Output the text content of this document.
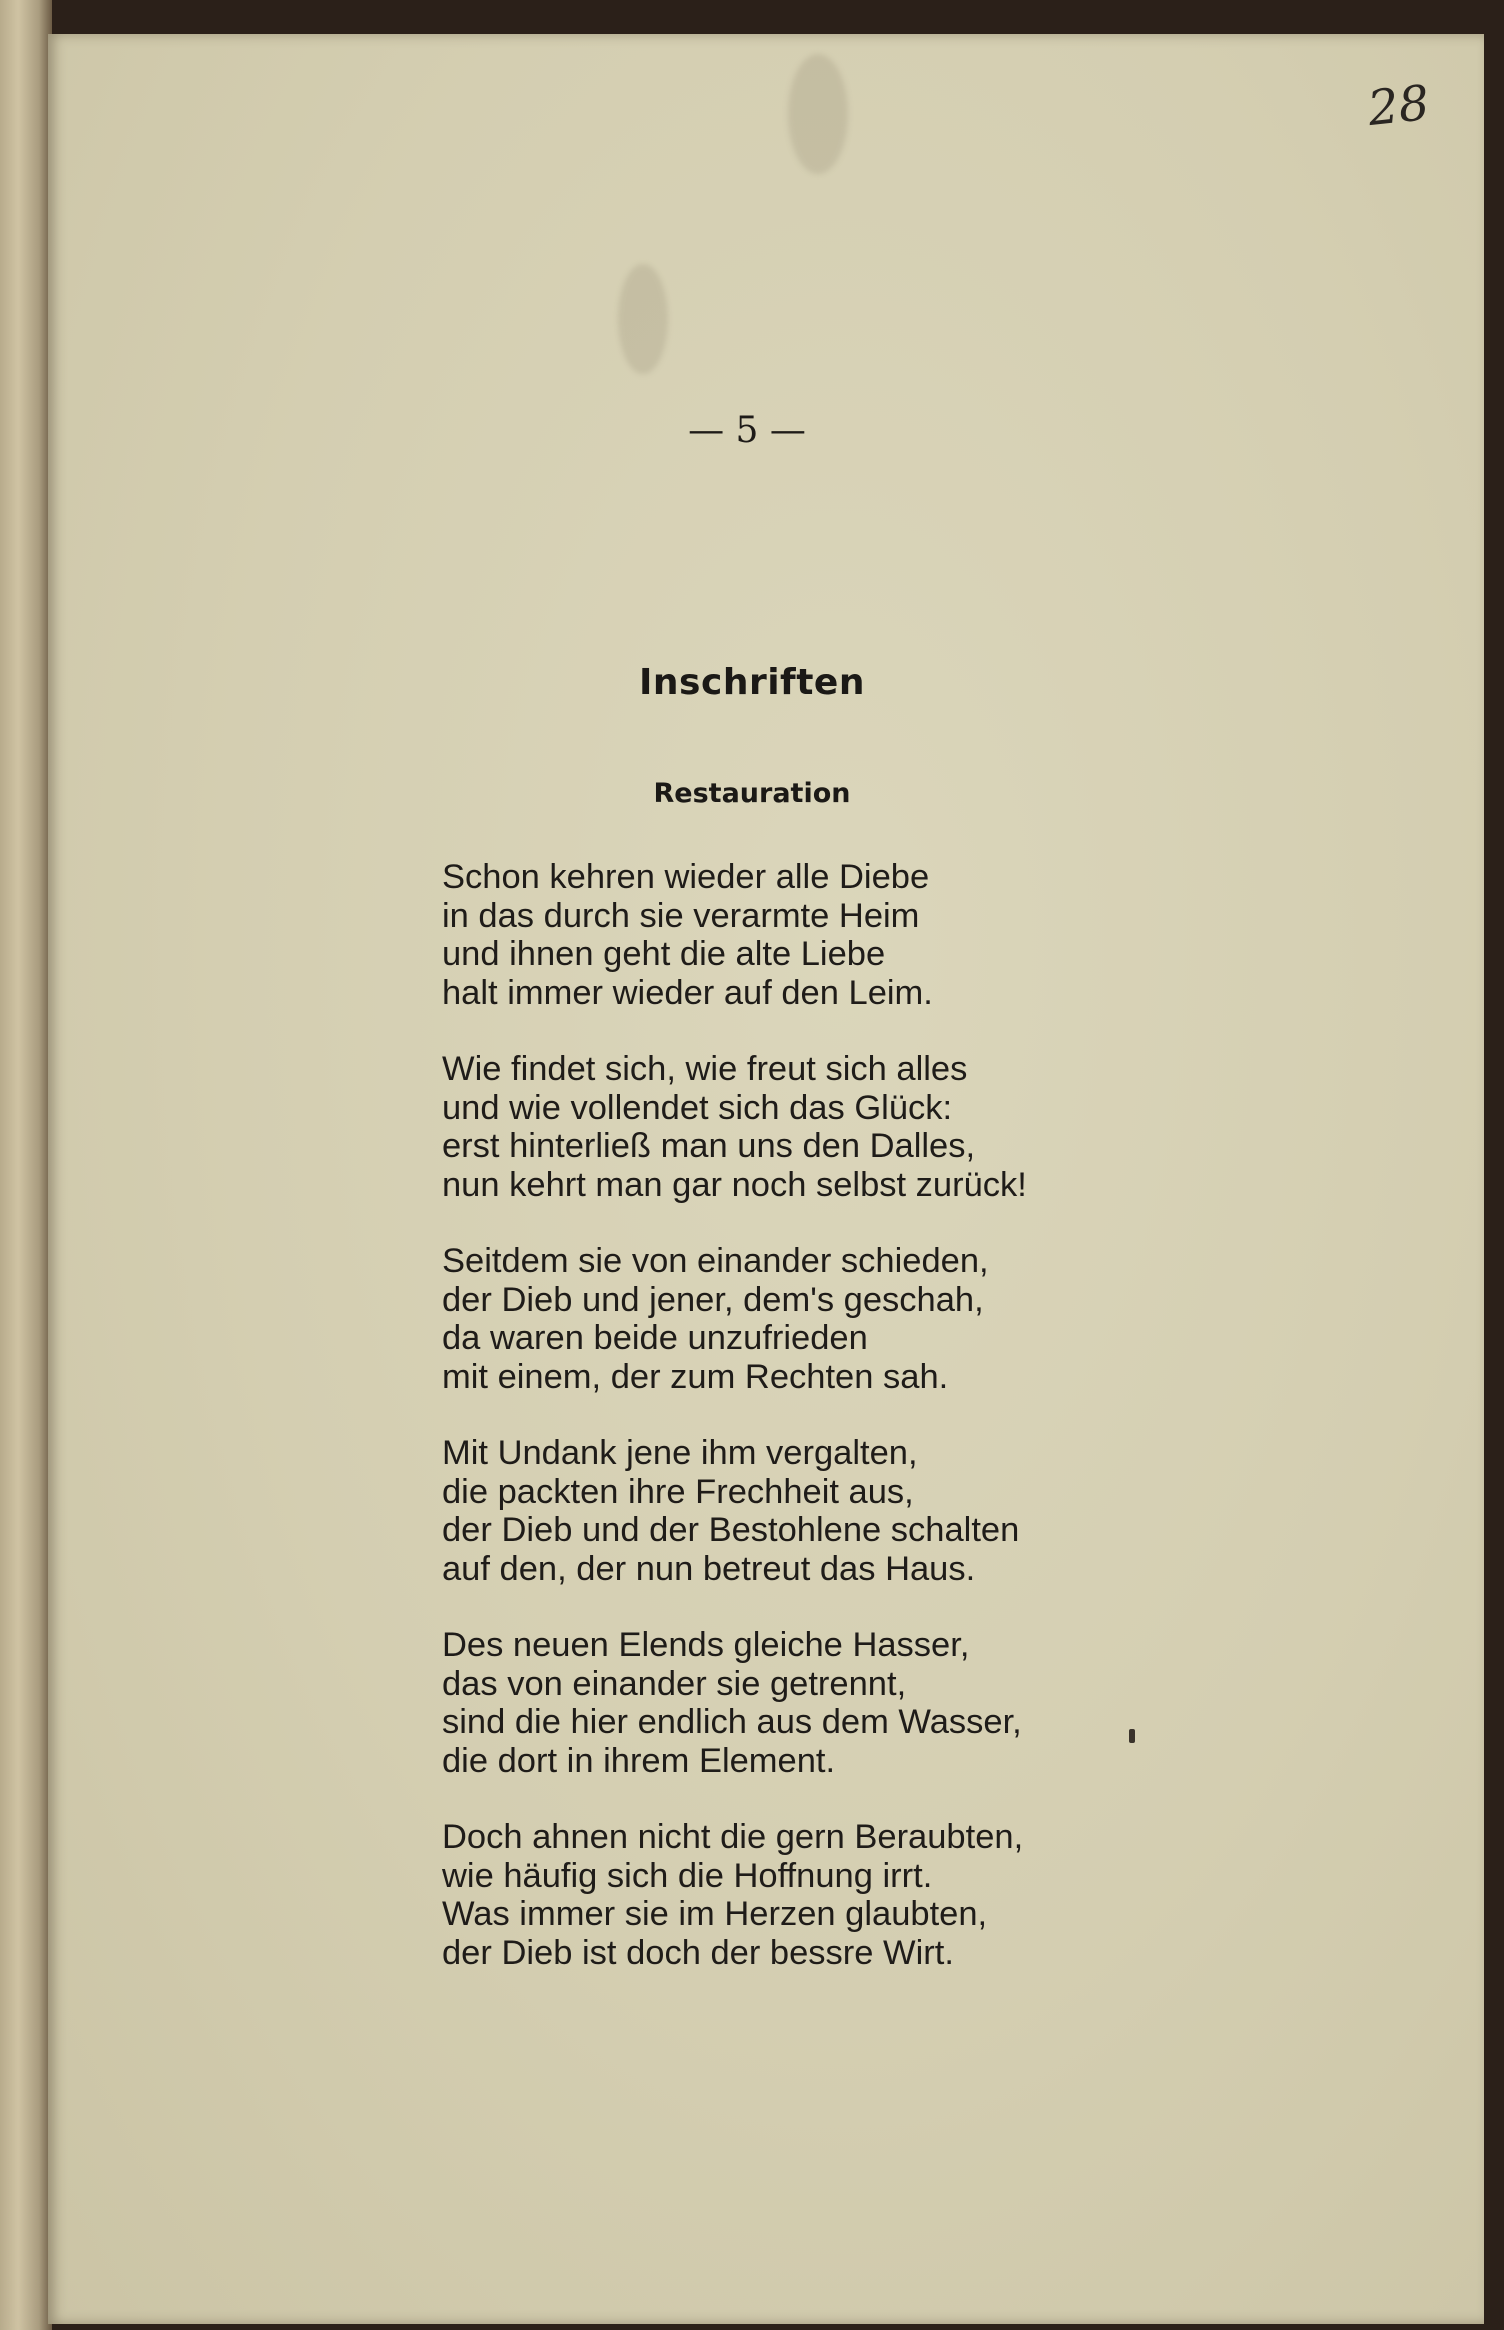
28
— 5 —
Inschriften
Restauration
Schon kehren wieder alle Diebe
in das durch sie verarmte Heim
und ihnen geht die alte Liebe
halt immer wieder auf den Leim.
Wie findet sich, wie freut sich alles
und wie vollendet sich das Glück:
erst hinterließ man uns den Dalles,
nun kehrt man gar noch selbst zurück!
Seitdem sie von einander schieden,
der Dieb und jener, dem's geschah,
da waren beide unzufrieden
mit einem, der zum Rechten sah.
Mit Undank jene ihm vergalten,
die packten ihre Frechheit aus,
der Dieb und der Bestohlene schalten
auf den, der nun betreut das Haus.
Des neuen Elends gleiche Hasser,
das von einander sie getrennt,
sind die hier endlich aus dem Wasser,
die dort in ihrem Element.
Doch ahnen nicht die gern Beraubten,
wie häufig sich die Hoffnung irrt.
Was immer sie im Herzen glaubten,
der Dieb ist doch der bessre Wirt.
